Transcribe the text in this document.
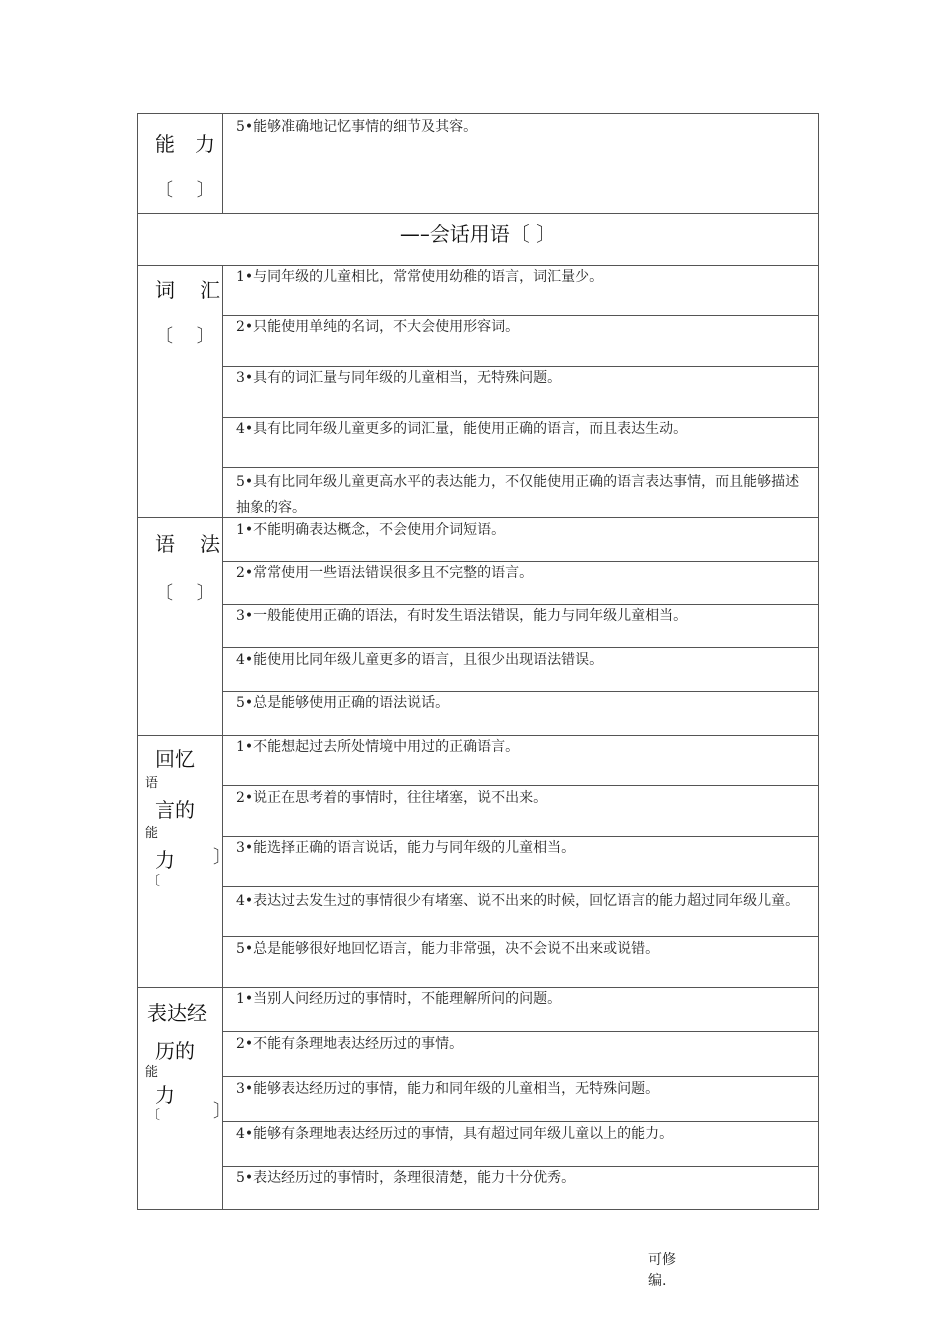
能 力
〔　 〕
5•能够准确地记忆事情的细节及其容。
—–会话用语〔 〕
词 汇
〔　 〕
1•与同年级的儿童相比，常常使用幼稚的语言，词汇量少。
2•只能使用单纯的名词，不大会使用形容词。
3•具有的词汇量与同年级的儿童相当，无特殊问题。
4•具有比同年级儿童更多的词汇量，能使用正确的语言，而且表达生动。
5•具有比同年级儿童更高水平的表达能力，不仅能使用正确的语言表达事情，而且能够描述抽象的容。
语 法
〔　 〕
1•不能明确表达概念，不会使用介词短语。
2•常常使用一些语法错误很多且不完整的语言。
3•一般能使用正确的语法，有时发生语法错误，能力与同年级儿童相当。
4•能使用比同年级儿童更多的语言，且很少出现语法错误。
5•总是能够使用正确的语法说话。
回忆
语
言的
能
力 〕
〔
1•不能想起过去所处情境中用过的正确语言。
2•说正在思考着的事情时，往往堵塞，说不出来。
3•能选择正确的语言说话，能力与同年级的儿童相当。
4•表达过去发生过的事情很少有堵塞、说不出来的时候，回忆语言的能力超过同年级儿童。
5•总是能够很好地回忆语言，能力非常强，决不会说不出来或说错。
表达经
历的
能
力
〕
〔
1•当别人问经历过的事情时，不能理解所问的问题。
2•不能有条理地表达经历过的事情。
3•能够表达经历过的事情，能力和同年级的儿童相当，无特殊问题。
4•能够有条理地表达经历过的事情，具有超过同年级儿童以上的能力。
5•表达经历过的事情时，条理很清楚，能力十分优秀。
可修
编.
